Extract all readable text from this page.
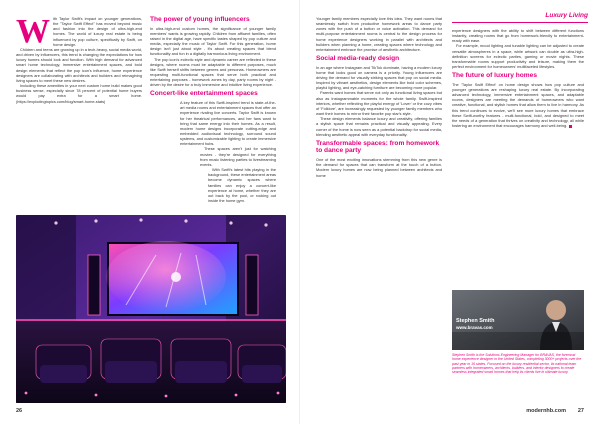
W ith Taylor Swift's impact on younger generations, the "Taylor Swift Effect" has moved beyond music and fashion into the design of ultra-high-end homes. The world of luxury real estate is being influenced by pop culture, specifically by Swift, on home design.

Children and teens are growing up in a tech-heavy, social media world, and driven by influencers, this trend is changing the expectations for how luxury homes should look and function. With high demand for advanced smart home technology, immersive entertainment spaces, and bold design elements that reflect the pop icon's influence, home experience designers are collaborating with architects and builders and reimagining living spaces to meet these new desires.

Including these amenities in your next custom home build makes good business sense, especially since 78 percent of potential home buyers would pay extra for a smart home. (https://explodingtopics.com/blog/smart-home-stats)

The power of young influencers

In ultra-high-end custom homes, the significance of younger family members' wants is growing rapidly. Children from affluent families, often raised in the digital age, have specific tastes shaped by pop culture and media, especially the music of Taylor Swift. For this generation, home design isn't just about style - it's about creating spaces that blend functionality and fun in a digitally harmonious living environment.

The pop icon's eclectic style and dynamic career are reflected in these designs, where rooms must be adaptable to different purposes, much like Swift herself shifts between genres and personas. Homeowners are requesting multi-functional spaces that serve both practical and entertaining purposes - homework zones by day, party rooms by night - driven by the desire for a truly immersive and intuitive living experience.

Concert-like entertainment spaces

A key feature of this Swift-inspired trend is state-of-the-art media rooms and entertainment spaces that offer an experience rivaling live concerts. Taylor Swift is known for her theatrical performances, and her fans want to bring that same energy into their homes. As a result, modern home designs incorporate cutting-edge and embedded audiovisual technology, surround sound systems, and customizable lighting to create immersive entertainment hubs.

These spaces aren't just for watching movies - they're designed for everything from music listening parties to livestreaming events.

With Swift's latest hits playing in the background, these entertainment areas become dynamic spaces where families can enjoy a concert-like experience at home, whether they are out back by the pool, or rocking out inside the home gym.

Luxury Living

Younger family members especially love this idea. They want rooms that seamlessly switch from productive homework areas to dance party zones with the push of a button or voice activation. This demand for multi-purpose entertainment rooms is central to the design process for home experience designers working in parallel with architects and builders when planning a home, creating spaces where technology and entertainment embrace the promise of aesthetic architecture.

Social media-ready design

In an age where Instagram and TikTok dominate, having a modern luxury home that looks good on camera is a priority. Young influencers are driving the demand for visually striking spaces that pop on social media. Inspired by vibrant aesthetics, design elements like bold color schemes, playful lighting, and eye-catching furniture are becoming more popular.

Parents want homes that serve not only as functional living spaces but also as Instagrammable moments for the whole family. Swift-inspired interiors, whether reflecting the playful energy of 'Lover' or the cozy vibes of 'Folklore', are increasingly requested by younger family members who want their homes to mirror their favorite pop star's style.

These design elements balance luxury and creativity, offering families a stylish space that remains practical and visually appealing. Every corner of the home is now seen as a potential backdrop for social media, blending aesthetic appeal with everyday functionality.

Transformable spaces: from homework to dance party

One of the most exciting innovations stemming from this new genre is the demand for spaces that can transform at the touch of a button. Modern luxury homes are now being planned between architects and home

experience designers with the ability to shift between different functions instantly, creating rooms that go from homework-friendly to entertainment-ready with ease.

For example, mood lighting and tunable lighting can be adjusted to create versatile atmospheres in a space, while artwork can double as ultra-high-definition screens for eclectic parties, gaming or movie nights. These transformable rooms support productivity and leisure, making them the perfect environment for homeowners' multifaceted lifestyles.

The future of luxury homes

The 'Taylor Swift Effect' on home design shows how pop culture and younger generations are reshaping luxury real estate. By incorporating advanced technology, immersive entertainment spaces, and adaptable rooms, designers are meeting the demands of homeowners who want creative, functional, and stylish homes that allow them to live in harmony. As this trend continues to evolve, we'll see more luxury homes that embrace these Swift-worthy features - multi-functional, bold, and designed to meet the needs of a generation that thrives on creativity and technology, all while fostering an environment that encourages harmony and well-being.

Stephen Smith
www.bravas.com
Stephen Smith is the Solutions Engineering Manager for BRAVAS, the foremost home experience designer in the United States, completing 3000+ projects over the past year in 16 states. Focused on the luxury residential sector, its national team partners with homeowners, architects, builders, and interior designers to create seamless integrated smart homes that help its clients live in ultimate luxury.
26	modernhb.com 27
